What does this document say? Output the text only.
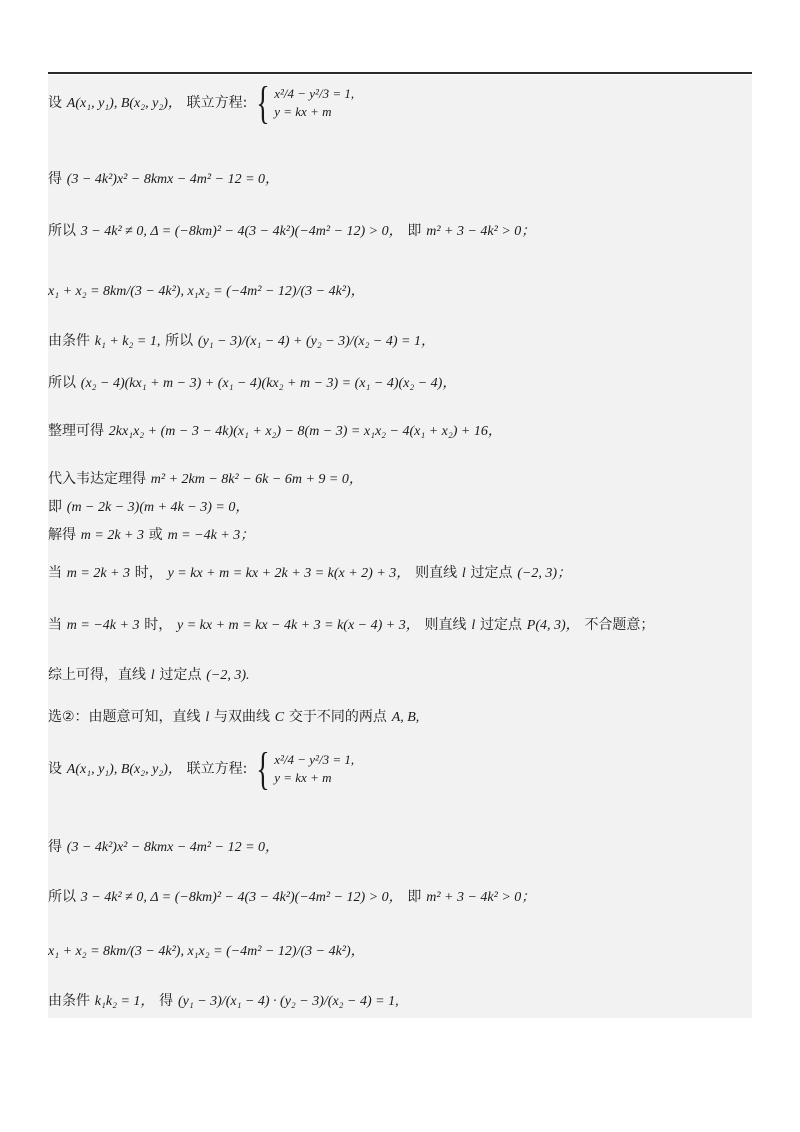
设 A(x₁, y₁), B(x₂, y₂)， 联立方程: { x²/4 − y²/3 = 1,
y = kx + m
得 (3 − 4k²)x² − 8kmx − 4m² − 12 = 0，
所以 3 − 4k² ≠ 0, Δ = (−8km)² − 4(3 − 4k²)(−4m² − 12) > 0， 即 m² + 3 − 4k² > 0；
x₁ + x₂ = 8km/(3 − 4k²), x₁x₂ = (−4m² − 12)/(3 − 4k²)，
由条件 k₁ + k₂ = 1, 所以 (y₁ − 3)/(x₁ − 4) + (y₂ − 3)/(x₂ − 4) = 1，
所以 (x₂ − 4)(kx₁ + m − 3) + (x₁ − 4)(kx₂ + m − 3) = (x₁ − 4)(x₂ − 4)，
整理可得 2kx₁x₂ + (m − 3 − 4k)(x₁ + x₂) − 8(m − 3) = x₁x₂ − 4(x₁ + x₂) + 16，
代入韦达定理得 m² + 2km − 8k² − 6k − 6m + 9 = 0，
即 (m − 2k − 3)(m + 4k − 3) = 0，
解得 m = 2k + 3 或 m = −4k + 3；
当 m = 2k + 3 时， y = kx + m = kx + 2k + 3 = k(x + 2) + 3， 则直线 l 过定点 (−2, 3)；
当 m = −4k + 3 时， y = kx + m = kx − 4k + 3 = k(x − 4) + 3， 则直线 l 过定点 P(4, 3)， 不合题意；
综上可得，直线 l 过定点 (−2, 3).
选②：由题意可知，直线 l 与双曲线 C 交于不同的两点 A, B,
设 A(x₁, y₁), B(x₂, y₂)， 联立方程: { x²/4 − y²/3 = 1,
y = kx + m
得 (3 − 4k²)x² − 8kmx − 4m² − 12 = 0，
所以 3 − 4k² ≠ 0, Δ = (−8km)² − 4(3 − 4k²)(−4m² − 12) > 0， 即 m² + 3 − 4k² > 0；
x₁ + x₂ = 8km/(3 − 4k²), x₁x₂ = (−4m² − 12)/(3 − 4k²)，
由条件 k₁k₂ = 1， 得 (y₁ − 3)/(x₁ − 4) · (y₂ − 3)/(x₂ − 4) = 1,
